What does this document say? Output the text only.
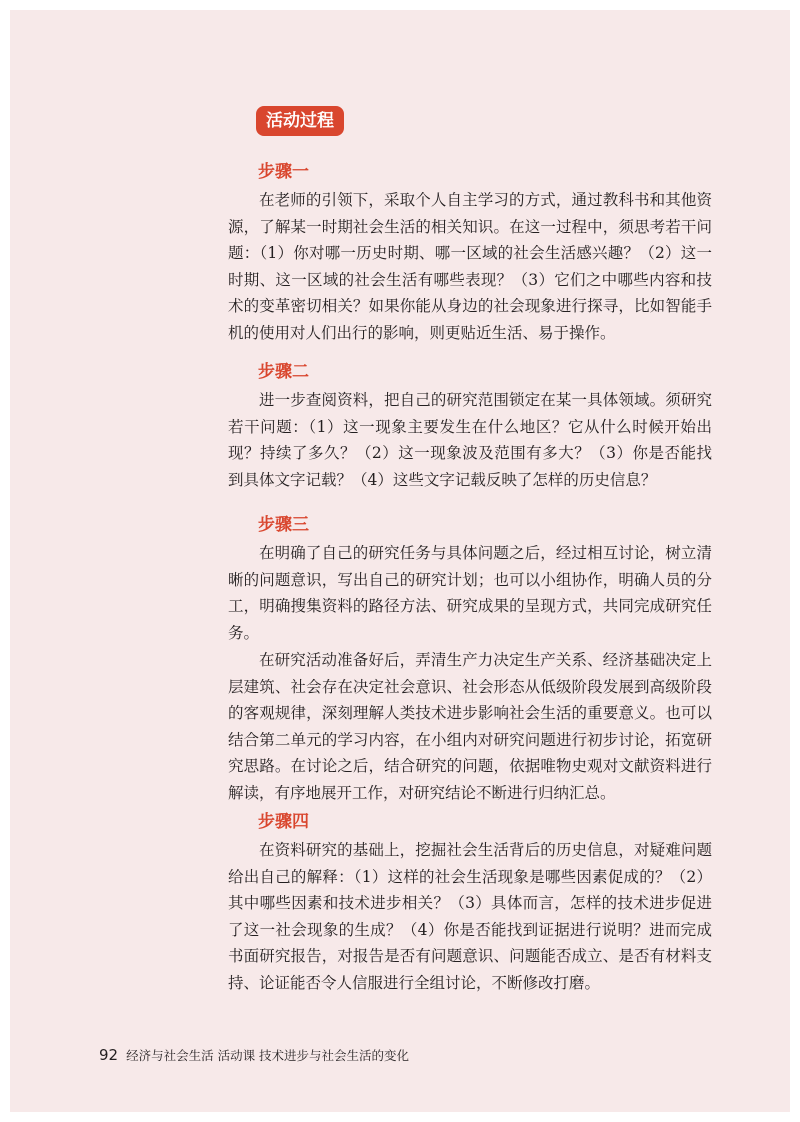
活动过程
步骤一

在老师的引领下，采取个人自主学习的方式，通过教科书和其他资源，了解某一时期社会生活的相关知识。在这一过程中，须思考若干问题：（1）你对哪一历史时期、哪一区域的社会生活感兴趣？（2）这一时期、这一区域的社会生活有哪些表现？（3）它们之中哪些内容和技术的变革密切相关？如果你能从身边的社会现象进行探寻，比如智能手机的使用对人们出行的影响，则更贴近生活、易于操作。

步骤二

进一步查阅资料，把自己的研究范围锁定在某一具体领域。须研究若干问题：（1）这一现象主要发生在什么地区？它从什么时候开始出现？持续了多久？（2）这一现象波及范围有多大？（3）你是否能找到具体文字记载？（4）这些文字记载反映了怎样的历史信息？

步骤三

在明确了自己的研究任务与具体问题之后，经过相互讨论，树立清晰的问题意识，写出自己的研究计划；也可以小组协作，明确人员的分工，明确搜集资料的路径方法、研究成果的呈现方式，共同完成研究任务。

在研究活动准备好后，弄清生产力决定生产关系、经济基础决定上层建筑、社会存在决定社会意识、社会形态从低级阶段发展到高级阶段的客观规律，深刻理解人类技术进步影响社会生活的重要意义。也可以结合第二单元的学习内容，在小组内对研究问题进行初步讨论，拓宽研究思路。在讨论之后，结合研究的问题，依据唯物史观对文献资料进行解读，有序地展开工作，对研究结论不断进行归纳汇总。

步骤四

在资料研究的基础上，挖掘社会生活背后的历史信息，对疑难问题给出自己的解释：（1）这样的社会生活现象是哪些因素促成的？（2）其中哪些因素和技术进步相关？（3）具体而言，怎样的技术进步促进了这一社会现象的生成？（4）你是否能找到证据进行说明？进而完成书面研究报告，对报告是否有问题意识、问题能否成立、是否有材料支持、论证能否令人信服进行全组讨论，不断修改打磨。

92 经济与社会生活 活动课 技术进步与社会生活的变化
